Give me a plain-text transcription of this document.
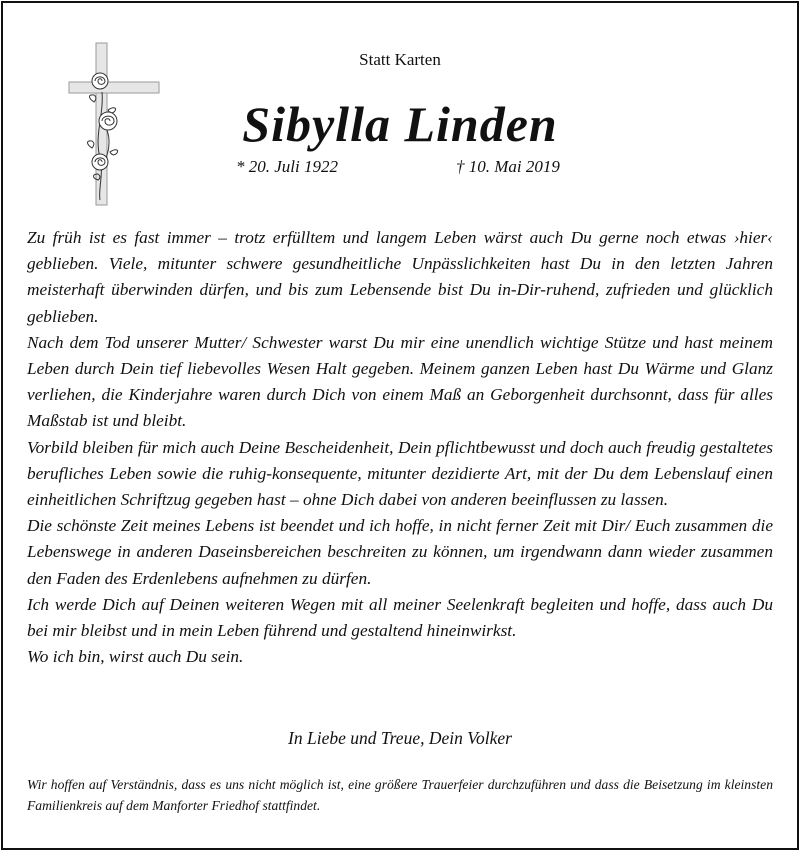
Statt Karten
Sibylla Linden
* 20. Juli 1922	† 10. Mai 2019

Zu früh ist es fast immer – trotz erfülltem und langem Leben wärst auch Du gerne noch etwas ›hier‹ geblieben. Viele, mitunter schwere gesundheitliche Unpässlichkeiten hast Du in den letzten Jahren meisterhaft überwinden dürfen, und bis zum Lebensende bist Du in-Dir-ruhend, zufrieden und glücklich geblieben.

Nach dem Tod unserer Mutter/ Schwester warst Du mir eine unendlich wichtige Stütze und hast meinem Leben durch Dein tief liebevolles Wesen Halt gegeben. Meinem ganzen Leben hast Du Wärme und Glanz verliehen, die Kinderjahre waren durch Dich von einem Maß an Geborgenheit durchsonnt, dass für alles Maßstab ist und bleibt.

Vorbild bleiben für mich auch Deine Bescheidenheit, Dein pflichtbewusst und doch auch freudig gestaltetes berufliches Leben sowie die ruhig-konsequente, mitunter dezidierte Art, mit der Du dem Lebenslauf einen einheitlichen Schriftzug gegeben hast – ohne Dich dabei von anderen beeinflussen zu lassen.

Die schönste Zeit meines Lebens ist beendet und ich hoffe, in nicht ferner Zeit mit Dir/ Euch zusammen die Lebenswege in anderen Daseinsbereichen beschreiten zu können, um irgendwann dann wieder zusammen den Faden des Erdenlebens aufnehmen zu dürfen.

Ich werde Dich auf Deinen weiteren Wegen mit all meiner Seelenkraft begleiten und hoffe, dass auch Du bei mir bleibst und in mein Leben führend und gestaltend hineinwirkst.

Wo ich bin, wirst auch Du sein.

In Liebe und Treue, Dein Volker
Wir hoffen auf Verständnis, dass es uns nicht möglich ist, eine größere Trauerfeier durchzuführen und dass die Beisetzung im kleinsten Familienkreis auf dem Manforter Friedhof stattfindet.
